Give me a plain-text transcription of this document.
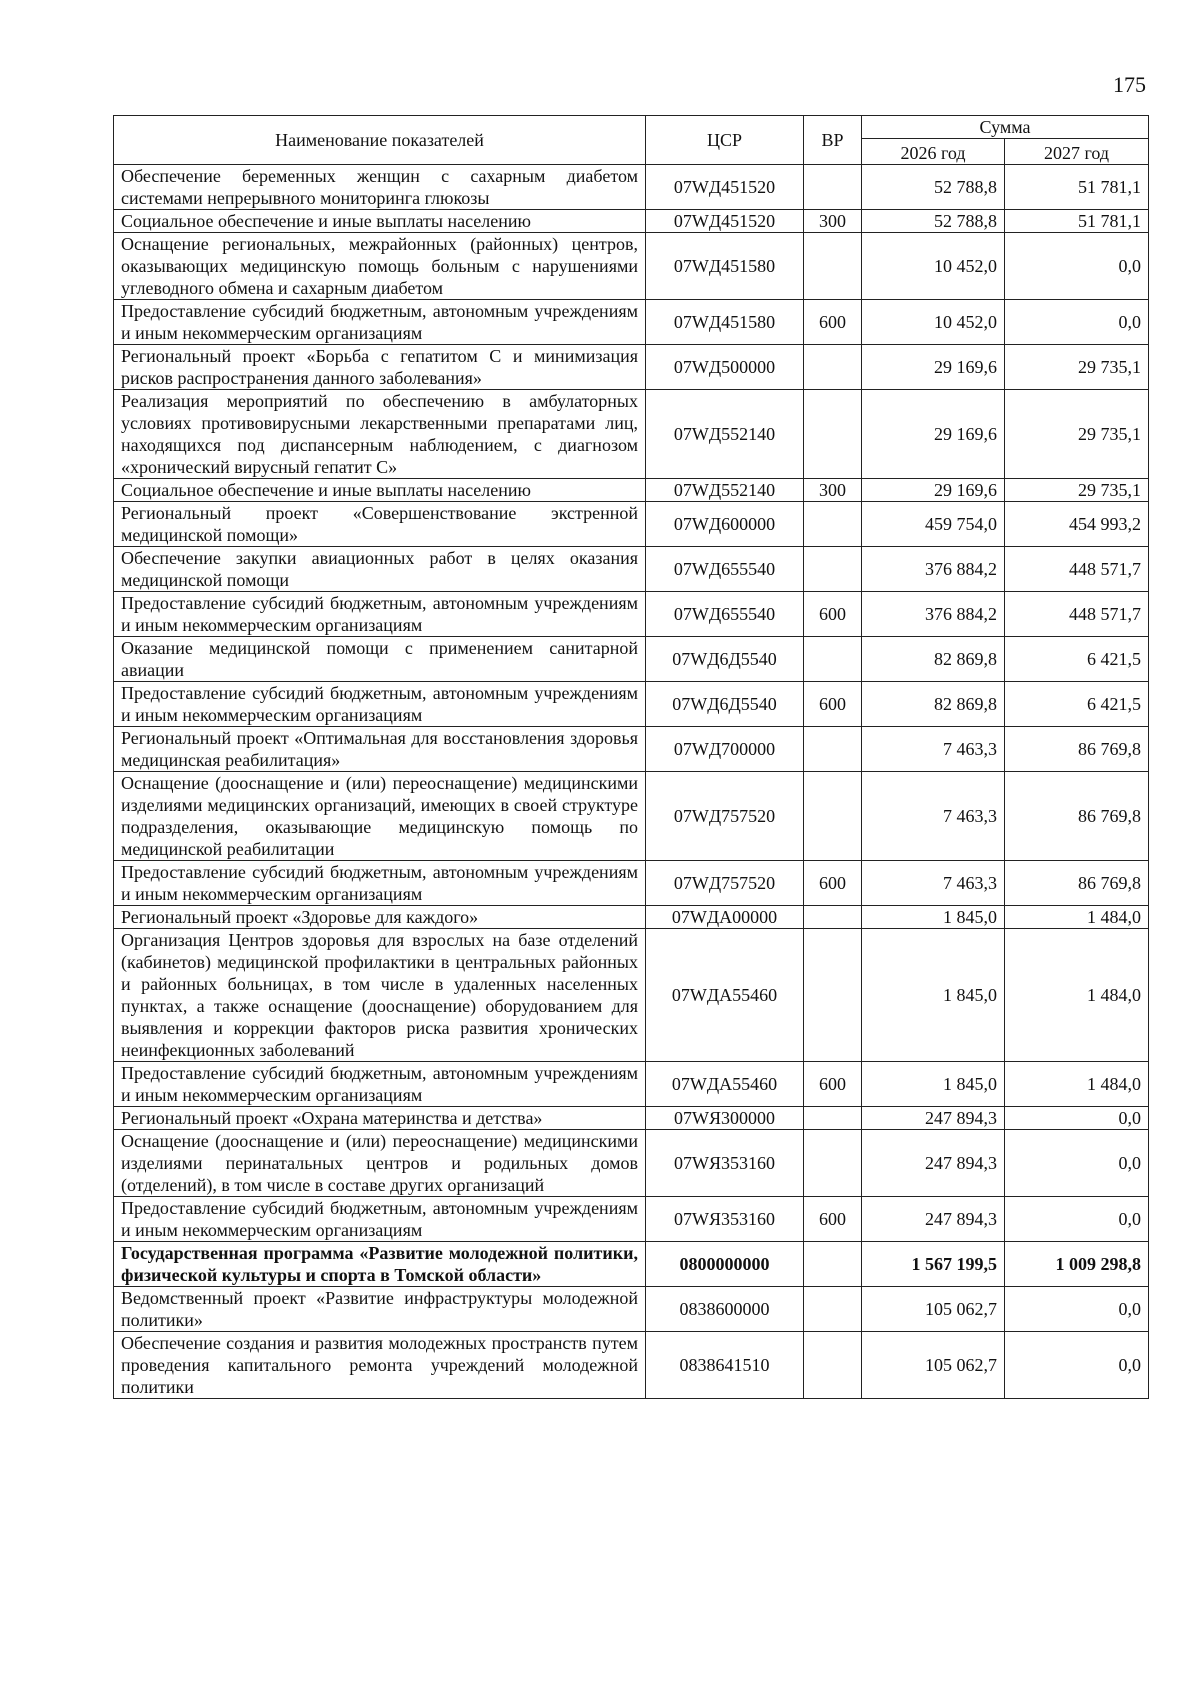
175
Наименование показателей	ЦСР	ВР	Сумма	
			2026 год	2027 год
Обеспечение беременных женщин с сахарным диабетом системами непрерывного мониторинга глюкозы	07WД451520		52 788,8	51 781,1
Социальное обеспечение и иные выплаты населению	07WД451520	300	52 788,8	51 781,1
Оснащение региональных, межрайонных (районных) центров, оказывающих медицинскую помощь больным с нарушениями углеводного обмена и сахарным диабетом	07WД451580		10 452,0	0,0
Предоставление субсидий бюджетным, автономным учреждениям и иным некоммерческим организациям	07WД451580	600	10 452,0	0,0
Региональный проект «Борьба с гепатитом С и минимизация рисков распространения данного заболевания»	07WД500000		29 169,6	29 735,1
Реализация мероприятий по обеспечению в амбулаторных условиях противовирусными лекарственными препаратами лиц, находящихся под диспансерным наблюдением, с диагнозом «хронический вирусный гепатит С»	07WД552140		29 169,6	29 735,1
Социальное обеспечение и иные выплаты населению	07WД552140	300	29 169,6	29 735,1
Региональный проект «Совершенствование экстренной медицинской помощи»	07WД600000		459 754,0	454 993,2
Обеспечение закупки авиационных работ в целях оказания медицинской помощи	07WД655540		376 884,2	448 571,7
Предоставление субсидий бюджетным, автономным учреждениям и иным некоммерческим организациям	07WД655540	600	376 884,2	448 571,7
Оказание медицинской помощи с применением санитарной авиации	07WД6Д5540		82 869,8	6 421,5
Предоставление субсидий бюджетным, автономным учреждениям и иным некоммерческим организациям	07WД6Д5540	600	82 869,8	6 421,5
Региональный проект «Оптимальная для восстановления здоровья медицинская реабилитация»	07WД700000		7 463,3	86 769,8
Оснащение (дооснащение и (или) переоснащение) медицинскими изделиями медицинских организаций, имеющих в своей структуре подразделения, оказывающие медицинскую помощь по медицинской реабилитации	07WД757520		7 463,3	86 769,8
Предоставление субсидий бюджетным, автономным учреждениям и иным некоммерческим организациям	07WД757520	600	7 463,3	86 769,8
Региональный проект «Здоровье для каждого»	07WДА00000		1 845,0	1 484,0
Организация Центров здоровья для взрослых на базе отделений (кабинетов) медицинской профилактики в центральных районных и районных больницах, в том числе в удаленных населенных пунктах, а также оснащение (дооснащение) оборудованием для выявления и коррекции факторов риска развития хронических неинфекционных заболеваний	07WДА55460		1 845,0	1 484,0
Предоставление субсидий бюджетным, автономным учреждениям и иным некоммерческим организациям	07WДА55460	600	1 845,0	1 484,0
Региональный проект «Охрана материнства и детства»	07WЯ300000		247 894,3	0,0
Оснащение (дооснащение и (или) переоснащение) медицинскими изделиями перинатальных центров и родильных домов (отделений), в том числе в составе других организаций	07WЯ353160		247 894,3	0,0
Предоставление субсидий бюджетным, автономным учреждениям и иным некоммерческим организациям	07WЯ353160	600	247 894,3	0,0
Государственная программа «Развитие молодежной политики, физической культуры и спорта в Томской области»	0800000000		1 567 199,5	1 009 298,8
Ведомственный проект «Развитие инфраструктуры молодежной политики»	0838600000		105 062,7	0,0
Обеспечение создания и развития молодежных пространств путем проведения капитального ремонта учреждений молодежной политики	0838641510		105 062,7	0,0
